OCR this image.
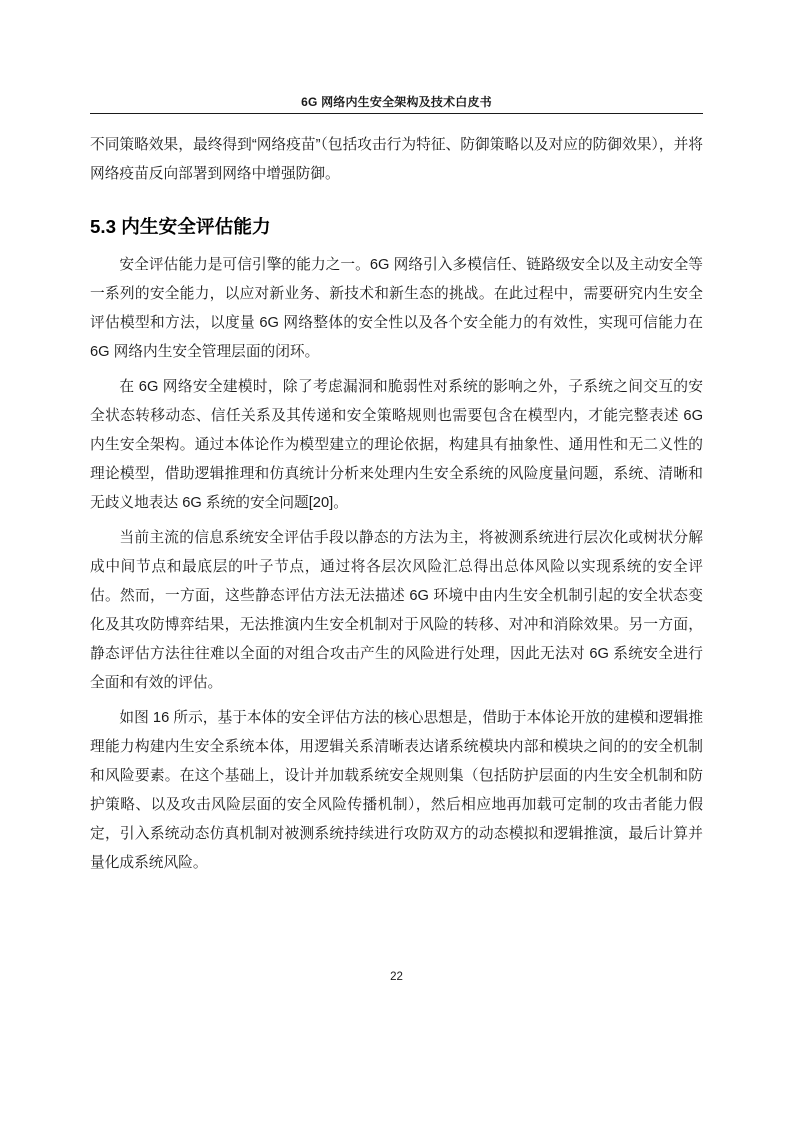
6G 网络内生安全架构及技术白皮书

不同策略效果，最终得到“网络疫苗”（包括攻击行为特征、防御策略以及对应的防御效果），并将网络疫苗反向部署到网络中增强防御。

5.3 内生安全评估能力

安全评估能力是可信引擎的能力之一。6G 网络引入多模信任、链路级安全以及主动安全等一系列的安全能力，以应对新业务、新技术和新生态的挑战。在此过程中，需要研究内生安全评估模型和方法，以度量 6G 网络整体的安全性以及各个安全能力的有效性，实现可信能力在 6G 网络内生安全管理层面的闭环。

在 6G 网络安全建模时，除了考虑漏洞和脆弱性对系统的影响之外，子系统之间交互的安全状态转移动态、信任关系及其传递和安全策略规则也需要包含在模型内，才能完整表述 6G 内生安全架构。通过本体论作为模型建立的理论依据，构建具有抽象性、通用性和无二义性的理论模型，借助逻辑推理和仿真统计分析来处理内生安全系统的风险度量问题，系统、清晰和无歧义地表达 6G 系统的安全问题[20]。

当前主流的信息系统安全评估手段以静态的方法为主，将被测系统进行层次化或树状分解成中间节点和最底层的叶子节点，通过将各层次风险汇总得出总体风险以实现系统的安全评估。然而，一方面，这些静态评估方法无法描述 6G 环境中由内生安全机制引起的安全状态变化及其攻防博弈结果，无法推演内生安全机制对于风险的转移、对冲和消除效果。另一方面，静态评估方法往往难以全面的对组合攻击产生的风险进行处理，因此无法对 6G 系统安全进行全面和有效的评估。

如图 16 所示，基于本体的安全评估方法的核心思想是，借助于本体论开放的建模和逻辑推理能力构建内生安全系统本体，用逻辑关系清晰表达诸系统模块内部和模块之间的的安全机制和风险要素。在这个基础上，设计并加载系统安全规则集（包括防护层面的内生安全机制和防护策略、以及攻击风险层面的安全风险传播机制），然后相应地再加载可定制的攻击者能力假定，引入系统动态仿真机制对被测系统持续进行攻防双方的动态模拟和逻辑推演，最后计算并量化成系统风险。

22
